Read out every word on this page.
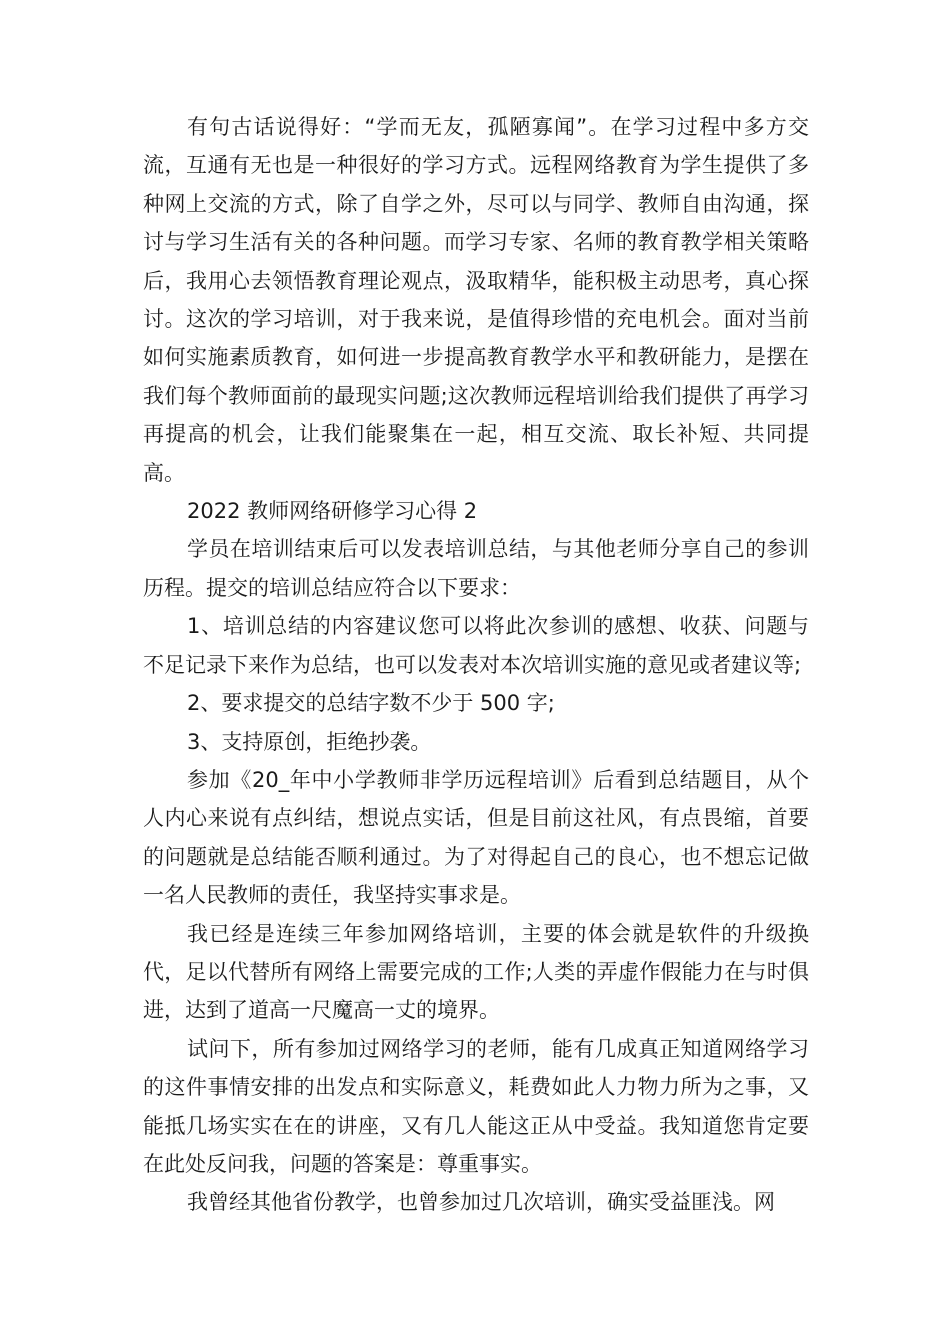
有句古话说得好：“学而无友，孤陋寡闻”。在学习过程中多方交流，互通有无也是一种很好的学习方式。远程网络教育为学生提供了多种网上交流的方式，除了自学之外，尽可以与同学、教师自由沟通，探讨与学习生活有关的各种问题。而学习专家、名师的教育教学相关策略后，我用心去领悟教育理论观点，汲取精华，能积极主动思考，真心探讨。这次的学习培训，对于我来说，是值得珍惜的充电机会。面对当前如何实施素质教育，如何进一步提高教育教学水平和教研能力，是摆在我们每个教师面前的最现实问题;这次教师远程培训给我们提供了再学习再提高的机会，让我们能聚集在一起，相互交流、取长补短、共同提高。

2022 教师网络研修学习心得 2

学员在培训结束后可以发表培训总结，与其他老师分享自己的参训历程。提交的培训总结应符合以下要求：

1、培训总结的内容建议您可以将此次参训的感想、收获、问题与不足记录下来作为总结，也可以发表对本次培训实施的意见或者建议等;

2、要求提交的总结字数不少于 500 字;

3、支持原创，拒绝抄袭。

参加《20_年中小学教师非学历远程培训》后看到总结题目，从个人内心来说有点纠结，想说点实话，但是目前这社风，有点畏缩，首要的问题就是总结能否顺利通过。为了对得起自己的良心，也不想忘记做一名人民教师的责任，我坚持实事求是。

我已经是连续三年参加网络培训，主要的体会就是软件的升级换代，足以代替所有网络上需要完成的工作;人类的弄虚作假能力在与时俱进，达到了道高一尺魔高一丈的境界。

试问下，所有参加过网络学习的老师，能有几成真正知道网络学习的这件事情安排的出发点和实际意义，耗费如此人力物力所为之事，又能抵几场实实在在的讲座，又有几人能这正从中受益。我知道您肯定要在此处反问我，问题的答案是：尊重事实。

我曾经其他省份教学，也曾参加过几次培训，确实受益匪浅。网
